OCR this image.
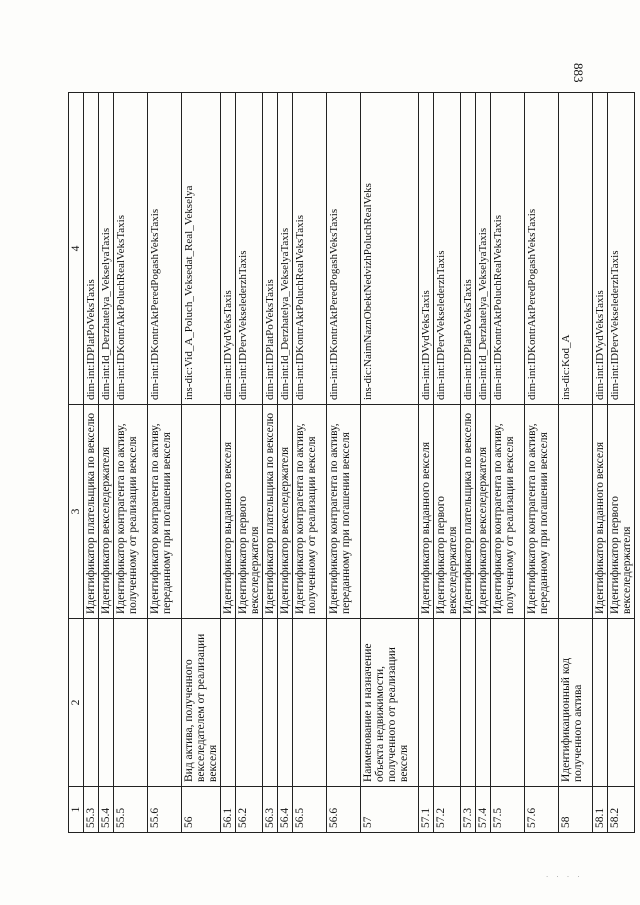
883
1	2	3	4
55.3		Идентификатор плательщика по векселю	dim-int:IDPlatPoVeksTaxis
55.4		Идентификатор векселедержателя	dim-int:Id_Derzhatelya_VekselyaTaxis
55.5		Идентификатор контрагента по активу, полученному от реализации векселя	dim-int:IDKontrAktPoluchRealVeksTaxis
55.6		Идентификатор контрагента по активу, переданному при погашении векселя	dim-int:IDKontrAktPeredPogashVeksTaxis
56	Вид актива, полученного векселедателем от реализации векселя		ins-dic:Vid_A_Poluch_Veksedat_Real_Vekselya
56.1		Идентификатор выданного векселя	dim-int:IDVydVeksTaxis
56.2		Идентификатор первого векселедержателя	dim-int:IDPervVekselederzhTaxis
56.3		Идентификатор плательщика по векселю	dim-int:IDPlatPoVeksTaxis
56.4		Идентификатор векселедержателя	dim-int:Id_Derzhatelya_VekselyaTaxis
56.5		Идентификатор контрагента по активу, полученному от реализации векселя	dim-int:IDKontrAktPoluchRealVeksTaxis
56.6		Идентификатор контрагента по активу, переданному при погашении векселя	dim-int:IDKontrAktPeredPogashVeksTaxis
57	Наименование и назначение объекта недвижимости, полученного от реализации векселя		ins-dic:NaimNaznObektNedvizhPoluchRealVeks
57.1		Идентификатор выданного векселя	dim-int:IDVydVeksTaxis
57.2		Идентификатор первого векселедержателя	dim-int:IDPervVekselederzhTaxis
57.3		Идентификатор плательщика по векселю	dim-int:IDPlatPoVeksTaxis
57.4		Идентификатор векселедержателя	dim-int:Id_Derzhatelya_VekselyaTaxis
57.5		Идентификатор контрагента по активу, полученному от реализации векселя	dim-int:IDKontrAktPoluchRealVeksTaxis
57.6		Идентификатор контрагента по активу, переданному при погашении векселя	dim-int:IDKontrAktPeredPogashVeksTaxis
58	Идентификационный код полученного актива		ins-dic:Kod_A
58.1		Идентификатор выданного векселя	dim-int:IDVydVeksTaxis
58.2		Идентификатор первого векселедержателя	dim-int:IDPervVekselederzhTaxis
. . . .
